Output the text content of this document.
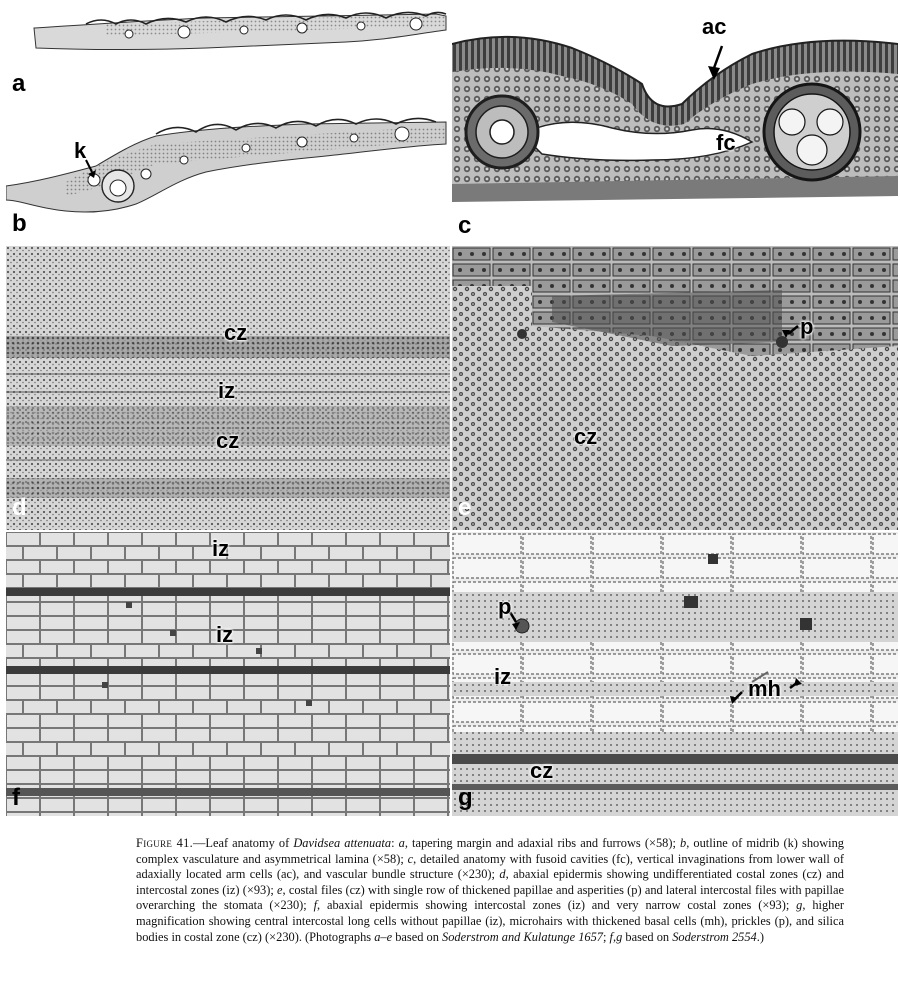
a
k
b
ac
fc
c
cz
iz
cz
d
p
cz
e
iz
iz
f
p
iz	mh
cz
g
Figure 41.—Leaf anatomy of Davidsea attenuata: a, tapering margin and adaxial ribs and furrows (×58); b, outline of midrib (k) showing complex vasculature and asymmetrical lamina (×58); c, detailed anatomy with fusoid cavities (fc), vertical invaginations from lower wall of adaxially located arm cells (ac), and vascular bundle structure (×230); d, abaxial epidermis showing undifferentiated costal zones (cz) and intercostal zones (iz) (×93); e, costal files (cz) with single row of thickened papillae and asperities (p) and lateral intercostal files with papillae overarching the stomata (×230); f, abaxial epidermis showing intercostal zones (iz) and very narrow costal zones (×93); g, higher magnification showing central intercostal long cells without papillae (iz), microhairs with thickened basal cells (mh), prickles (p), and silica bodies in costal zone (cz) (×230). (Photographs a–e based on Soderstrom and Kulatunge 1657; f,g based on Soderstrom 2554.)
